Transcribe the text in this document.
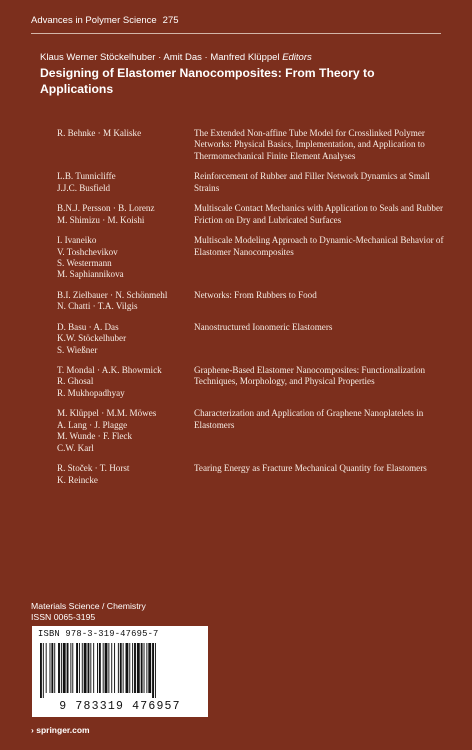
Advances in Polymer Science 275
Klaus Werner Stöckelhuber · Amit Das · Manfred Klüppel Editors
Designing of Elastomer Nanocomposites: From Theory to Applications
R. Behnke · M Kaliske	The Extended Non-affine Tube Model for Crosslinked Polymer Networks: Physical Basics, Implementation, and Application to Thermomechanical Finite Element Analyses
L.B. Tunnicliffe
J.J.C. Busfield
Reinforcement of Rubber and Filler Network Dynamics at Small Strains
B.N.J. Persson · B. Lorenz
M. Shimizu · M. Koishi
Multiscale Contact Mechanics with Application to Seals and Rubber Friction on Dry and Lubricated Surfaces
I. Ivaneiko
V. Toshchevikov
S. Westermann
M. Saphiannikova
Multiscale Modeling Approach to Dynamic-Mechanical Behavior of Elastomer Nanocomposites
B.I. Zielbauer · N. Schönmehl
N. Chatti · T.A. Vilgis
Networks: From Rubbers to Food
D. Basu · A. Das
K.W. Stöckelhuber
S. Wießner
Nanostructured Ionomeric Elastomers
T. Mondal · A.K. Bhowmick
R. Ghosal
R. Mukhopadhyay
Graphene-Based Elastomer Nanocomposites: Functionalization Techniques, Morphology, and Physical Properties
M. Klüppel · M.M. Möwes
A. Lang · J. Plagge
M. Wunde · F. Fleck
C.W. Karl
Characterization and Application of Graphene Nanoplatelets in Elastomers
R. Stoček · T. Horst
K. Reincke
Tearing Energy as Fracture Mechanical Quantity for Elastomers
Materials Science / Chemistry
ISSN 0065-3195
ISBN 978-3-319-47695-7
9 783319 476957
› springer.com
